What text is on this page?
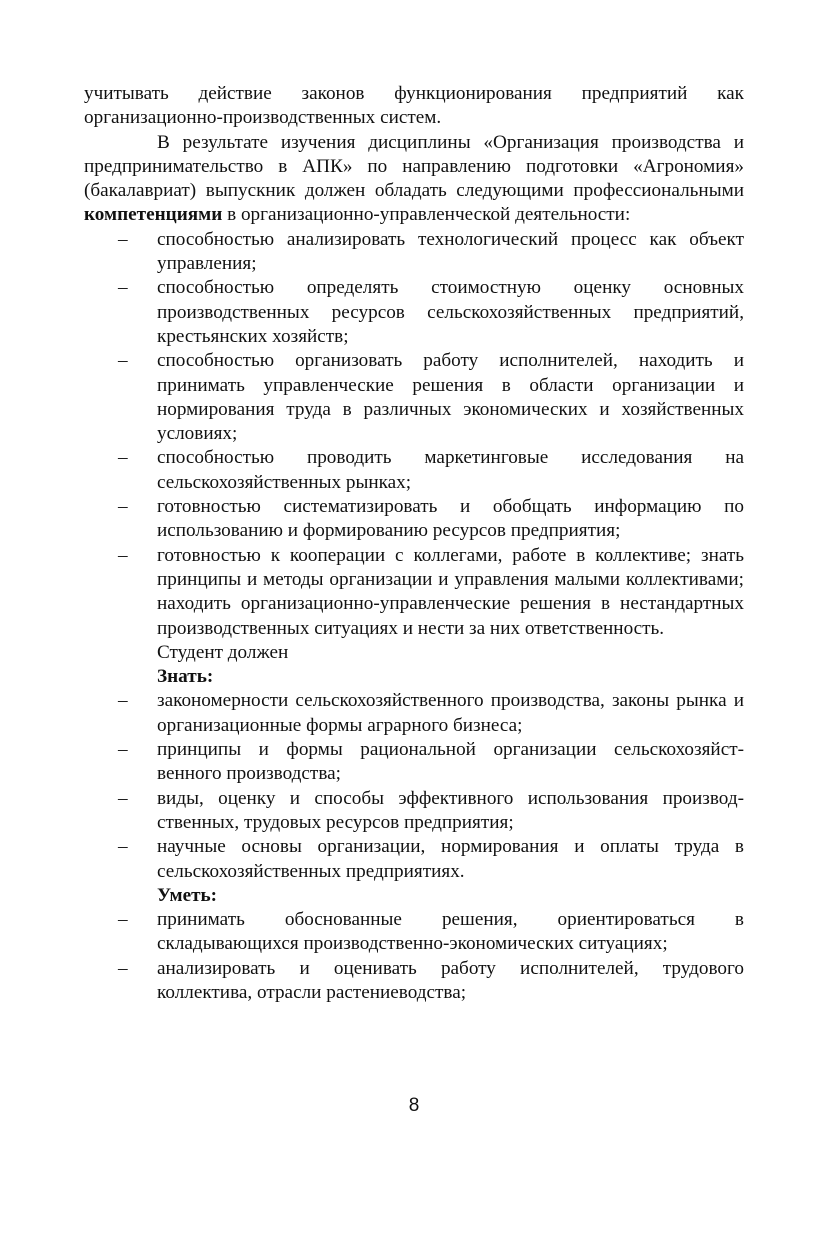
учитывать действие законов функционирования предприятий как организационно-производственных систем.

В результате изучения дисциплины «Организация производства и предпринимательство в АПК» по направлению подготовки «Агрономия» (бакалавриат) выпускник должен обладать следующими профессиональными компетенциями в организационно-управленческой деятельности:

– способностью анализировать технологический процесс как объект управления;
– способностью определять стоимостную оценку основных производственных ресурсов сельскохозяйственных предприятий, крестьянских хозяйств;
– способностью организовать работу исполнителей, находить и принимать управленческие решения в области организации и нормирования труда в различных экономических и хозяйственных условиях;
– способностью проводить маркетинговые исследования на сельскохозяйственных рынках;
– готовностью систематизировать и обобщать информацию по использованию и формированию ресурсов предприятия;
– готовностью к кооперации с коллегами, работе в коллективе; знать принципы и методы организации и управления малыми коллективами; находить организационно-управленческие решения в нестандартных производственных ситуациях и нести за них ответственность.

Студент должен

Знать:

– закономерности сельскохозяйственного производства, законы рынка и организационные формы аграрного бизнеса;
– принципы и формы рациональной организации сельскохозяйст-венного производства;
– виды, оценку и способы эффективного использования производ-ственных, трудовых ресурсов предприятия;
– научные основы организации, нормирования и оплаты труда в сельскохозяйственных предприятиях.

Уметь:

– принимать обоснованные решения, ориентироваться в складывающихся производственно-экономических ситуациях;
– анализировать и оценивать работу исполнителей, трудового коллектива, отрасли растениеводства;
8
